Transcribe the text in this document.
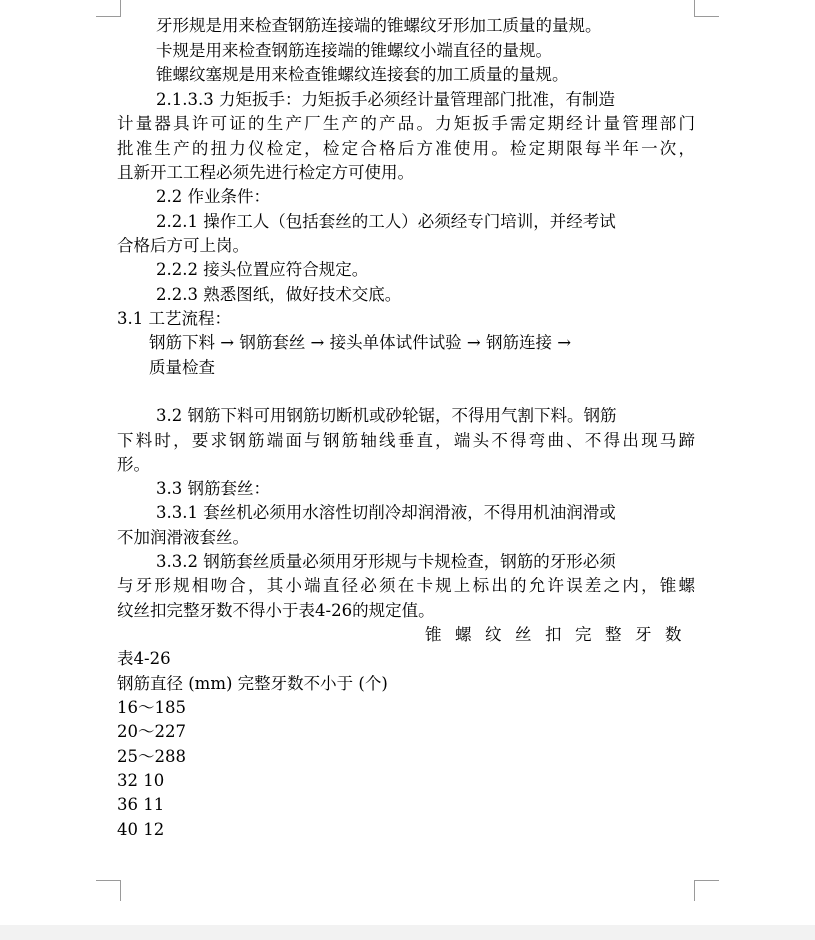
牙形规是用来检查钢筋连接端的锥螺纹牙形加工质量的量规。
卡规是用来检查钢筋连接端的锥螺纹小端直径的量规。
锥螺纹塞规是用来检查锥螺纹连接套的加工质量的量规。
2.1.3.3 力矩扳手：力矩扳手必须经计量管理部门批准，有制造
计量器具许可证的生产厂生产的产品。力矩扳手需定期经计量管理部门
批准生产的扭力仪检定，检定合格后方准使用。检定期限每半年一次，
且新开工工程必须先进行检定方可使用。
2.2 作业条件：
2.2.1 操作工人（包括套丝的工人）必须经专门培训，并经考试
合格后方可上岗。
2.2.2 接头位置应符合规定。
2.2.3 熟悉图纸，做好技术交底。
3.1 工艺流程：
钢筋下料 → 钢筋套丝 → 接头单体试件试验 → 钢筋连接 →
质量检查
3.2 钢筋下料可用钢筋切断机或砂轮锯，不得用气割下料。钢筋
下料时，要求钢筋端面与钢筋轴线垂直，端头不得弯曲、不得出现马蹄
形。
3.3 钢筋套丝：
3.3.1 套丝机必须用水溶性切削冷却润滑液，不得用机油润滑或
不加润滑液套丝。
3.3.2 钢筋套丝质量必须用牙形规与卡规检查，钢筋的牙形必须
与牙形规相吻合，其小端直径必须在卡规上标出的允许误差之内，锥螺
纹丝扣完整牙数不得小于表4-26的规定值。
锥螺纹丝扣完整牙数
表4-26
钢筋直径 (mm) 完整牙数不小于 (个)
16～185
20～227
25～288
32 10
36 11
40 12
